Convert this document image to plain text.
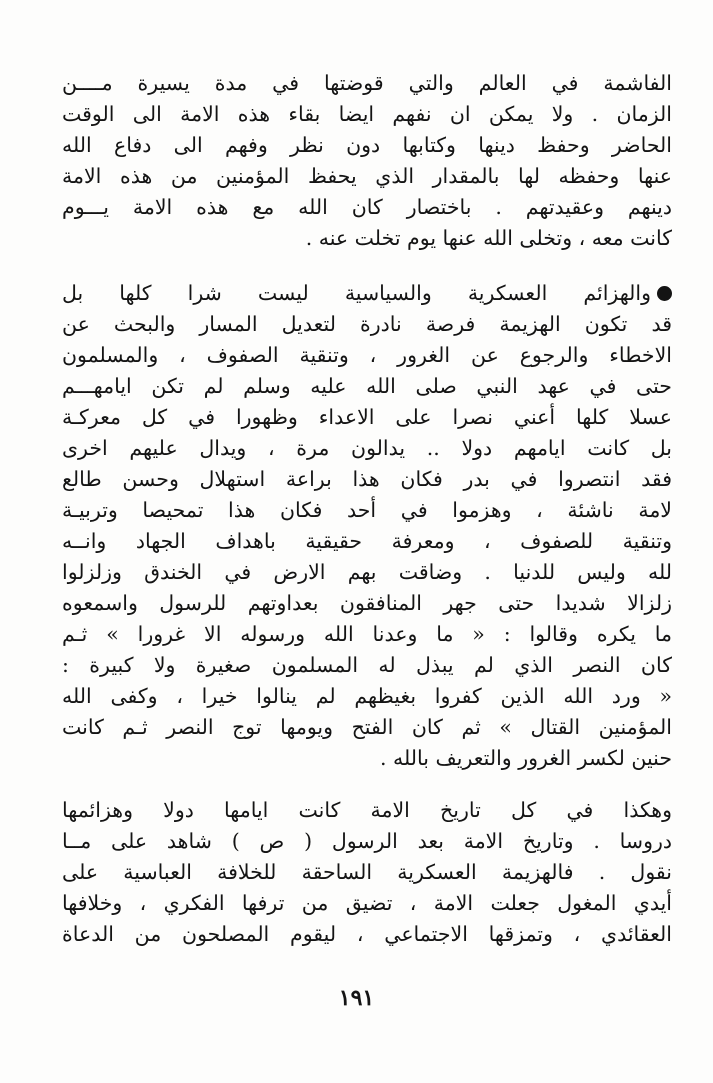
الفاشمة في العالم والتي قوضتها في مدة يسيرة مــــن
الزمان . ولا يمكن ان نفهم ايضا بقاء هذه الامة الى الوقت
الحاضر وحفظ دينها وكتابها دون نظر وفهم الى دفاع الله
عنها وحفظه لها بالمقدار الذي يحفظ المؤمنين من هذه الامة
دينهم وعقيدتهم . باختصار كان الله مع هذه الامة يـــوم
كانت معه ، وتخلى الله عنها يوم تخلت عنه .
والهزائم العسكرية والسياسية ليست شرا كلها بل
قد تكون الهزيمة فرصة نادرة لتعديل المسار والبحث عن
الاخطاء والرجوع عن الغرور ، وتنقية الصفوف ، والمسلمون
حتى في عهد النبي صلى الله عليه وسلم لم تكن ايامهـــم
عسلا كلها أعني نصرا على الاعداء وظهورا في كل معركـة
بل كانت ايامهم دولا .. يدالون مرة ، ويدال عليهم اخرى
فقد انتصروا في بدر فكان هذا براعة استهلال وحسن طالع
لامة ناشئة ، وهزموا في أحد فكان هذا تمحيصا وتربيـة
وتنقية للصفوف ، ومعرفة حقيقية باهداف الجهاد وانــه
لله وليس للدنيا . وضاقت بهم الارض في الخندق وزلزلوا
زلزالا شديدا حتى جهر المنافقون بعداوتهم للرسول واسمعوه
ما يكره وقالوا : « ما وعدنا الله ورسوله الا غرورا » ثـم
كان النصر الذي لم يبذل له المسلمون صغيرة ولا كبيرة :
« ورد الله الذين كفروا بغيظهم لم ينالوا خيرا ، وكفى الله
المؤمنين القتال » ثم كان الفتح ويومها توج النصر ثـم كانت
حنين لكسر الغرور والتعريف بالله .
وهكذا في كل تاريخ الامة كانت ايامها دولا وهزائمها
دروسا . وتاريخ الامة بعد الرسول ( ص ) شاهد على مــا
نقول . فالهزيمة العسكرية الساحقة للخلافة العباسية على
أيدي المغول جعلت الامة ، تضيق من ترفها الفكري ، وخلافها
العقائدي ، وتمزقها الاجتماعي ، ليقوم المصلحون من الدعاة
١٩١
